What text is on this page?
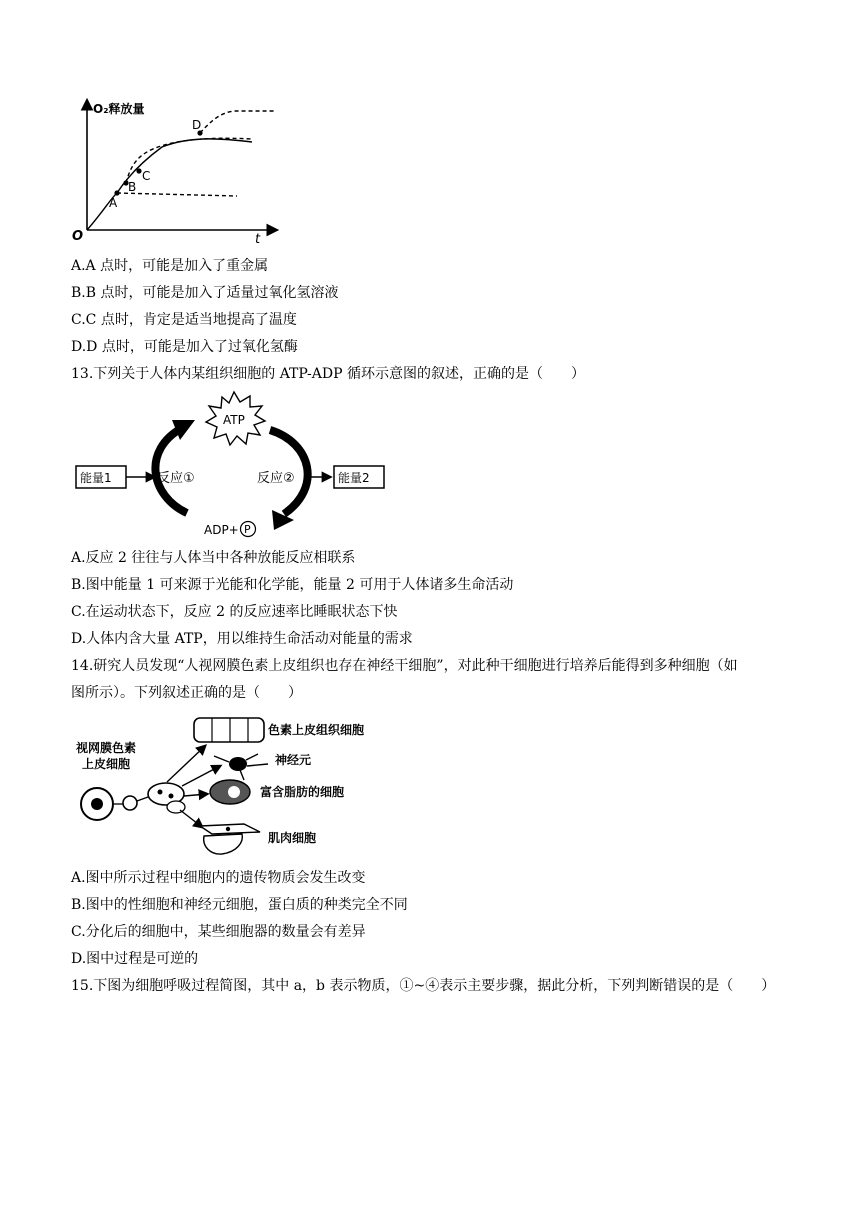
O₂释放量
t
O
A
B
C
D
A.A 点时，可能是加入了重金属
B.B 点时，可能是加入了适量过氧化氢溶液
C.C 点时，肯定是适当地提高了温度
D.D 点时，可能是加入了过氧化氢酶
13.下列关于人体内某组织细胞的 ATP-ADP 循环示意图的叙述，正确的是（　　）
ATP
ADP+ P
能量1	反应①	反应②	能量2
A.反应 2 往往与人体当中各种放能反应相联系
B.图中能量 1 可来源于光能和化学能，能量 2 可用于人体诸多生命活动
C.在运动状态下，反应 2 的反应速率比睡眠状态下快
D.人体内含大量 ATP，用以维持生命活动对能量的需求
14.研究人员发现“人视网膜色素上皮组织也存在神经干细胞”，对此种干细胞进行培养后能得到多种细胞（如
图所示）。下列叙述正确的是（　　）
视网膜色素
上皮细胞
色素上皮组织细胞
神经元
富含脂肪的细胞
肌肉细胞
A.图中所示过程中细胞内的遗传物质会发生改变
B.图中的性细胞和神经元细胞，蛋白质的种类完全不同
C.分化后的细胞中，某些细胞器的数量会有差异
D.图中过程是可逆的
15.下图为细胞呼吸过程简图，其中 a，b 表示物质，①~④表示主要步骤，据此分析，下列判断错误的是（　　）
